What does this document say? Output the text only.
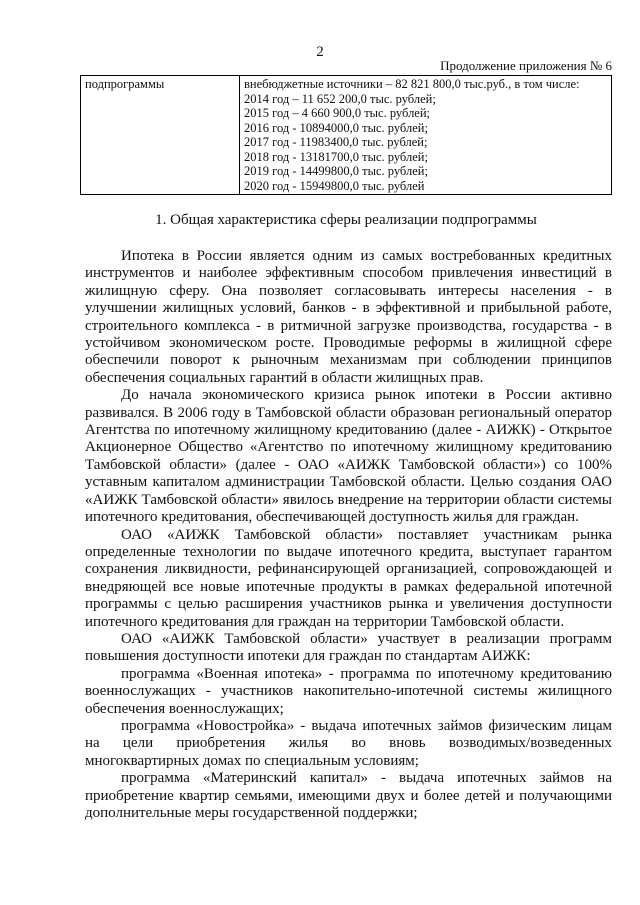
2
Продолжение приложения № 6
подпрограммы	внебюджетные источники – 82 821 800,0 тыс.руб., в том числе:
2014 год – 11 652 200,0 тыс. рублей;
2015 год – 4 660 900,0 тыс. рублей;
2016 год - 10894000,0 тыс. рублей;
2017 год - 11983400,0 тыс. рублей;
2018 год - 13181700,0 тыс. рублей;
2019 год - 14499800,0 тыс. рублей;
2020 год - 15949800,0 тыс. рублей
1. Общая характеристика сферы реализации подпрограммы

Ипотека в России является одним из самых востребованных кредитных инструментов и наиболее эффективным способом привлечения инвестиций в жилищную сферу. Она позволяет согласовывать интересы населения - в улучшении жилищных условий, банков - в эффективной и прибыльной работе, строительного комплекса - в ритмичной загрузке производства, государства - в устойчивом экономическом росте. Проводимые реформы в жилищной сфере обеспечили поворот к рыночным механизмам при соблюдении принципов обеспечения социальных гарантий в области жилищных прав.

До начала экономического кризиса рынок ипотеки в России активно развивался. В 2006 году в Тамбовской области образован региональный оператор Агентства по ипотечному жилищному кредитованию (далее - АИЖК) - Открытое Акционерное Общество «Агентство по ипотечному жилищному кредитованию Тамбовской области» (далее - ОАО «АИЖК Тамбовской области») со 100% уставным капиталом администрации Тамбовской области. Целью создания ОАО «АИЖК Тамбовской области» явилось внедрение на территории области системы ипотечного кредитования, обеспечивающей доступность жилья для граждан.

ОАО «АИЖК Тамбовской области» поставляет участникам рынка определенные технологии по выдаче ипотечного кредита, выступает гарантом сохранения ликвидности, рефинансирующей организацией, сопровождающей и внедряющей все новые ипотечные продукты в рамках федеральной ипотечной программы с целью расширения участников рынка и увеличения доступности ипотечного кредитования для граждан на территории Тамбовской области.

ОАО «АИЖК Тамбовской области» участвует в реализации программ повышения доступности ипотеки для граждан по стандартам АИЖК:

программа «Военная ипотека» - программа по ипотечному кредитованию военнослужащих - участников накопительно-ипотечной системы жилищного обеспечения военнослужащих;

программа «Новостройка» - выдача ипотечных займов физическим лицам на цели приобретения жилья во вновь возводимых/возведенных многоквартирных домах по специальным условиям;

программа «Материнский капитал» - выдача ипотечных займов на приобретение квартир семьями, имеющими двух и более детей и получающими дополнительные меры государственной поддержки;
